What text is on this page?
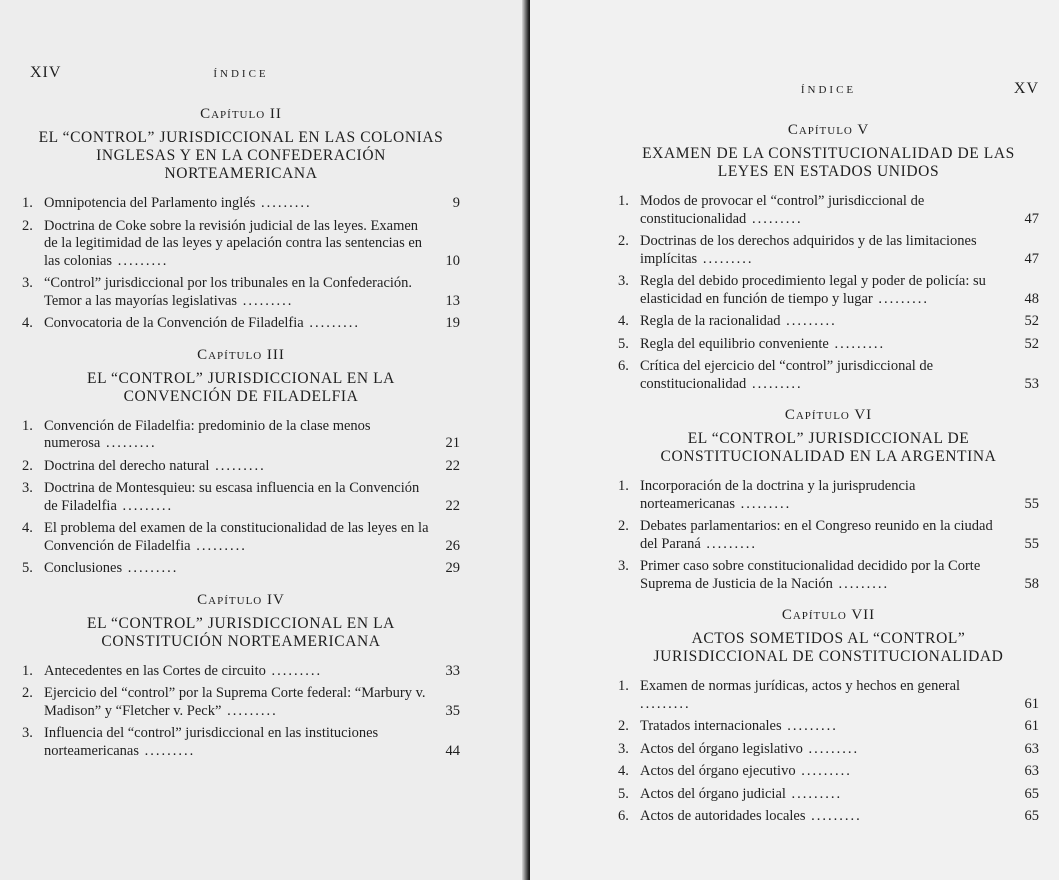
XIV	ÍNDICE
Capítulo II
EL “CONTROL” JURISDICCIONAL EN LAS COLONIAS INGLESAS Y EN LA CONFEDERACIÓN NORTEAMERICANA
1. Omnipotencia del Parlamento inglés .........	9
2. Doctrina de Coke sobre la revisión judicial de las leyes. Examen de la legitimidad de las leyes y apelación contra las sentencias en las colonias .........	10
3. “Control” jurisdiccional por los tribunales en la Confederación. Temor a las mayorías legislativas .........	13
4. Convocatoria de la Convención de Filadelfia .........	19
Capítulo III
EL “CONTROL” JURISDICCIONAL EN LA CONVENCIÓN DE FILADELFIA
1. Convención de Filadelfia: predominio de la clase menos numerosa .........	21
2. Doctrina del derecho natural .........	22
3. Doctrina de Montesquieu: su escasa influencia en la Convención de Filadelfia .........	22
4. El problema del examen de la constitucionalidad de las leyes en la Convención de Filadelfia .........	26
5. Conclusiones .........	29
Capítulo IV
EL “CONTROL” JURISDICCIONAL EN LA CONSTITUCIÓN NORTEAMERICANA
1. Antecedentes en las Cortes de circuito .........	33
2. Ejercicio del “control” por la Suprema Corte federal: “Marbury v. Madison” y “Fletcher v. Peck” .........	35
3. Influencia del “control” jurisdiccional en las instituciones norteamericanas .........	44
XV
ÍNDICE
Capítulo V
EXAMEN DE LA CONSTITUCIONALIDAD DE LAS LEYES EN ESTADOS UNIDOS
1. Modos de provocar el “control” jurisdiccional de constitucionalidad .........	47
2. Doctrinas de los derechos adquiridos y de las limitaciones implícitas .........	47
3. Regla del debido procedimiento legal y poder de policía: su elasticidad en función de tiempo y lugar .........	48
4. Regla de la racionalidad .........	52
5. Regla del equilibrio conveniente .........	52
6. Crítica del ejercicio del “control” jurisdiccional de constitucionalidad .........	53
Capítulo VI
EL “CONTROL” JURISDICCIONAL DE CONSTITUCIONALIDAD EN LA ARGENTINA
1. Incorporación de la doctrina y la jurisprudencia norteamericanas .........	55
2. Debates parlamentarios: en el Congreso reunido en la ciudad del Paraná .........	55
3. Primer caso sobre constitucionalidad decidido por la Corte Suprema de Justicia de la Nación .........	58
Capítulo VII
ACTOS SOMETIDOS AL “CONTROL” JURISDICCIONAL DE CONSTITUCIONALIDAD
1. Examen de normas jurídicas, actos y hechos en general .........	61
2. Tratados internacionales .........	61
3. Actos del órgano legislativo .........	63
4. Actos del órgano ejecutivo .........	63
5. Actos del órgano judicial .........	65
6. Actos de autoridades locales .........	65
